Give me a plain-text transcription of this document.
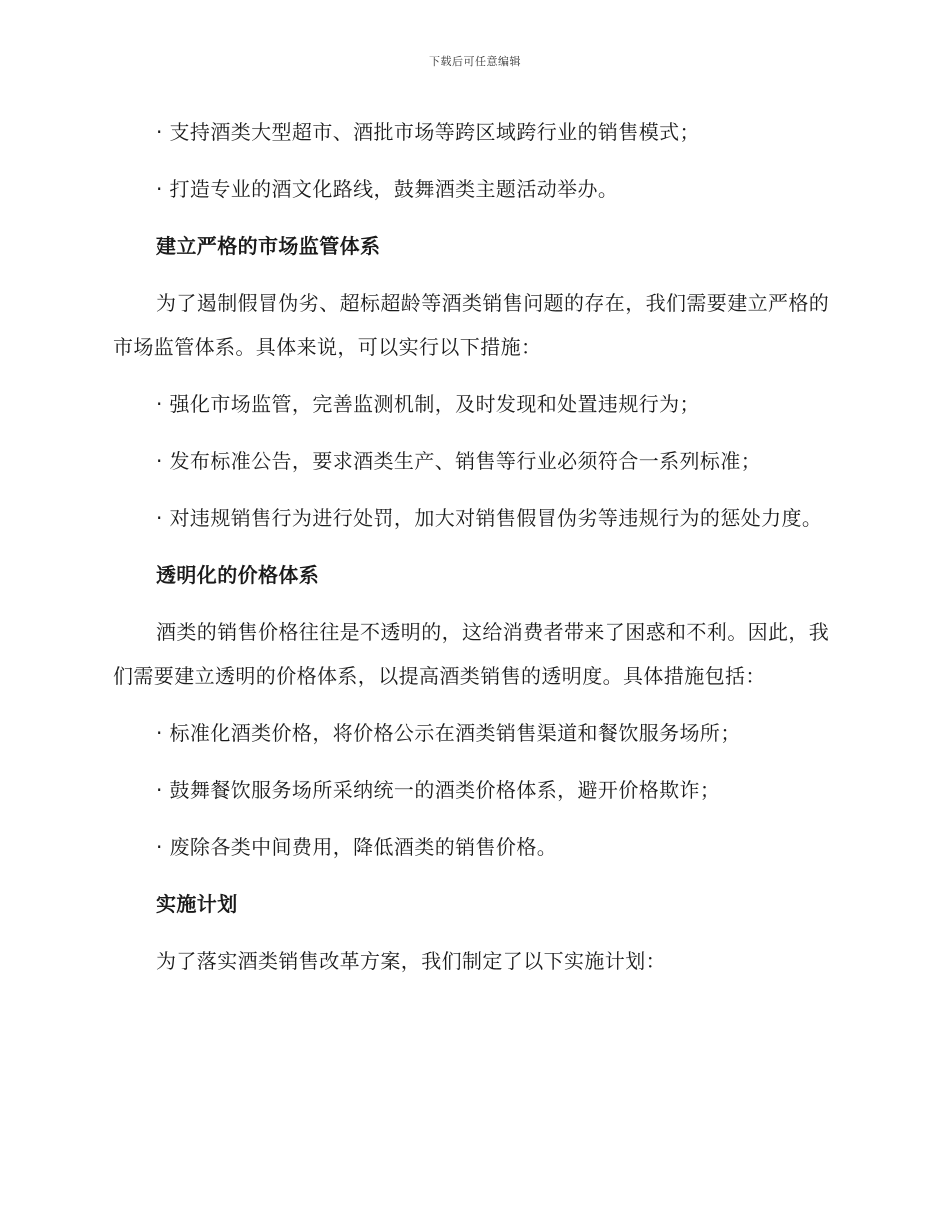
下载后可任意编辑

· 支持酒类大型超市、酒批市场等跨区域跨行业的销售模式；

· 打造专业的酒文化路线，鼓舞酒类主题活动举办。

建立严格的市场监管体系

为了遏制假冒伪劣、超标超龄等酒类销售问题的存在，我们需要建立严格的市场监管体系。具体来说，可以实行以下措施：

· 强化市场监管，完善监测机制，及时发现和处置违规行为；

· 发布标准公告，要求酒类生产、销售等行业必须符合一系列标准；

· 对违规销售行为进行处罚，加大对销售假冒伪劣等违规行为的惩处力度。

透明化的价格体系

酒类的销售价格往往是不透明的，这给消费者带来了困惑和不利。因此，我们需要建立透明的价格体系，以提高酒类销售的透明度。具体措施包括：

· 标准化酒类价格，将价格公示在酒类销售渠道和餐饮服务场所；

· 鼓舞餐饮服务场所采纳统一的酒类价格体系，避开价格欺诈；

· 废除各类中间费用，降低酒类的销售价格。

实施计划

为了落实酒类销售改革方案，我们制定了以下实施计划：
